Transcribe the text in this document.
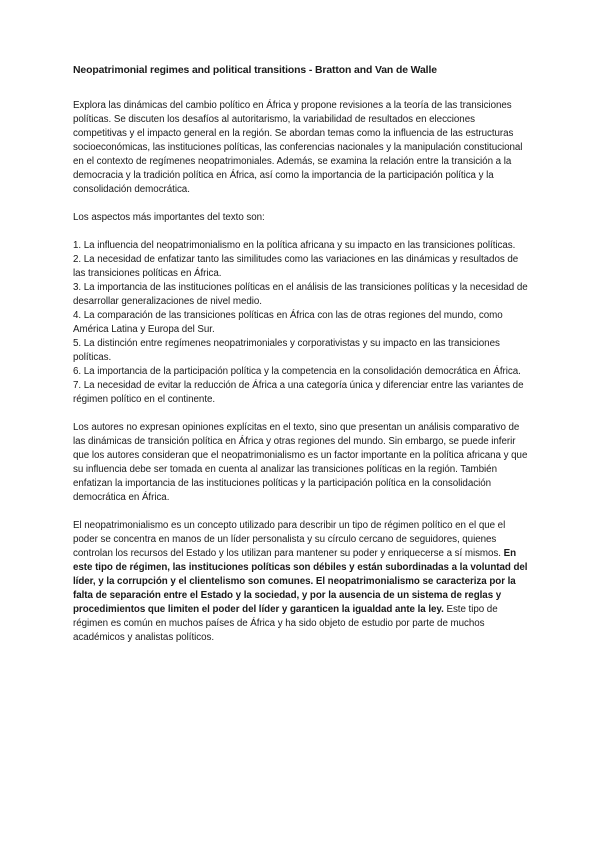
Neopatrimonial regimes and political transitions - Bratton and Van de Walle

Explora las dinámicas del cambio político en África y propone revisiones a la teoría de las transiciones políticas. Se discuten los desafíos al autoritarismo, la variabilidad de resultados en elecciones competitivas y el impacto general en la región. Se abordan temas como la influencia de las estructuras socioeconómicas, las instituciones políticas, las conferencias nacionales y la manipulación constitucional en el contexto de regímenes neopatrimoniales. Además, se examina la relación entre la transición a la democracia y la tradición política en África, así como la importancia de la participación política y la consolidación democrática.

Los aspectos más importantes del texto son:

1. La influencia del neopatrimonialismo en la política africana y su impacto en las transiciones políticas.

2. La necesidad de enfatizar tanto las similitudes como las variaciones en las dinámicas y resultados de las transiciones políticas en África.

3. La importancia de las instituciones políticas en el análisis de las transiciones políticas y la necesidad de desarrollar generalizaciones de nivel medio.

4. La comparación de las transiciones políticas en África con las de otras regiones del mundo, como América Latina y Europa del Sur.

5. La distinción entre regímenes neopatrimoniales y corporativistas y su impacto en las transiciones políticas.

6. La importancia de la participación política y la competencia en la consolidación democrática en África.

7. La necesidad de evitar la reducción de África a una categoría única y diferenciar entre las variantes de régimen político en el continente.

Los autores no expresan opiniones explícitas en el texto, sino que presentan un análisis comparativo de las dinámicas de transición política en África y otras regiones del mundo. Sin embargo, se puede inferir que los autores consideran que el neopatrimonialismo es un factor importante en la política africana y que su influencia debe ser tomada en cuenta al analizar las transiciones políticas en la región. También enfatizan la importancia de las instituciones políticas y la participación política en la consolidación democrática en África.

El neopatrimonialismo es un concepto utilizado para describir un tipo de régimen político en el que el poder se concentra en manos de un líder personalista y su círculo cercano de seguidores, quienes controlan los recursos del Estado y los utilizan para mantener su poder y enriquecerse a sí mismos. En este tipo de régimen, las instituciones políticas son débiles y están subordinadas a la voluntad del líder, y la corrupción y el clientelismo son comunes. El neopatrimonialismo se caracteriza por la falta de separación entre el Estado y la sociedad, y por la ausencia de un sistema de reglas y procedimientos que limiten el poder del líder y garanticen la igualdad ante la ley. Este tipo de régimen es común en muchos países de África y ha sido objeto de estudio por parte de muchos académicos y analistas políticos.
